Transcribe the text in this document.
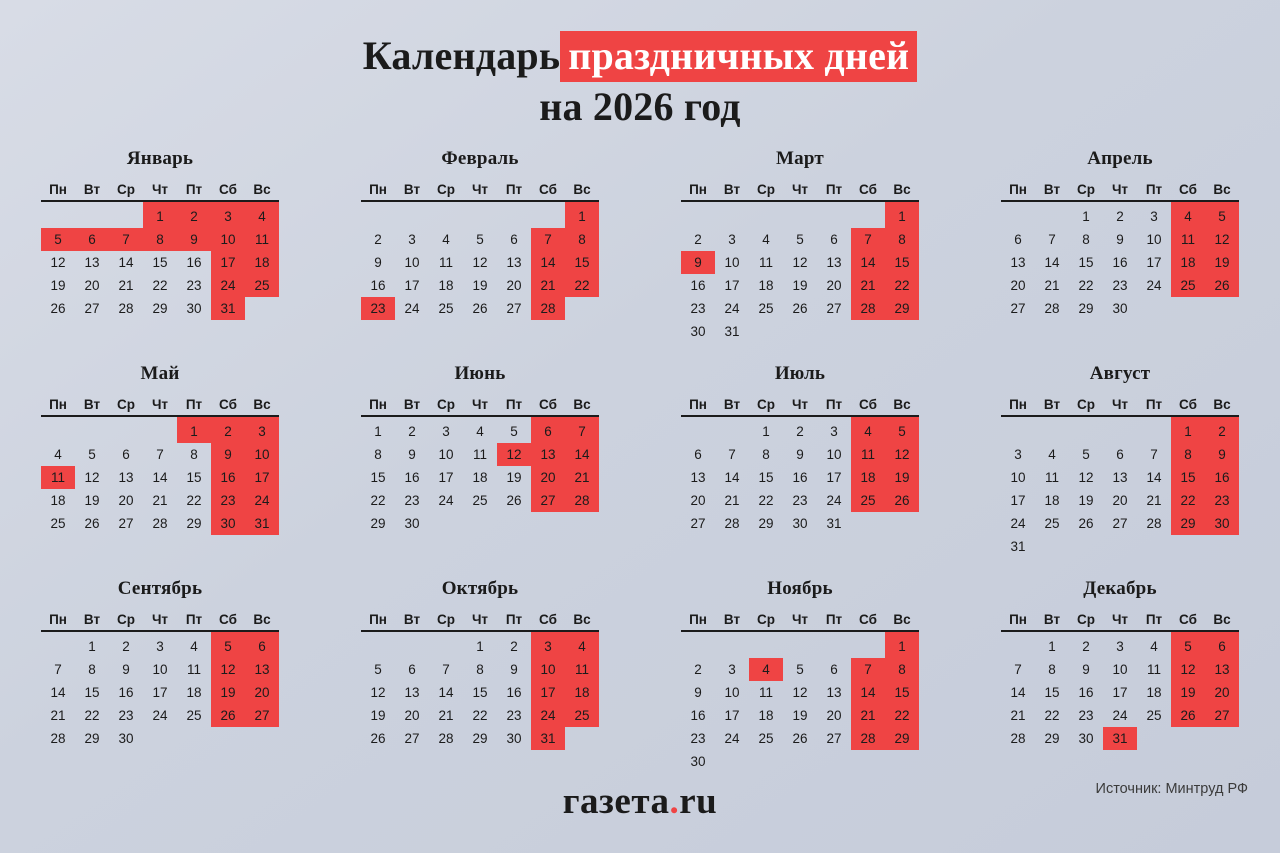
Календарь праздничных дней
на 2026 год
Январь
Пн	Вт	Ср	Чт	Пт	Сб	Вс
			1	2	3	4
5	6	7	8	9	10	11
12	13	14	15	16	17	18
19	20	21	22	23	24	25
26	27	28	29	30	31	
Февраль
Пн	Вт	Ср	Чт	Пт	Сб	Вс
						1
2	3	4	5	6	7	8
9	10	11	12	13	14	15
16	17	18	19	20	21	22
23	24	25	26	27	28	
Март
Пн	Вт	Ср	Чт	Пт	Сб	Вс
						1
2	3	4	5	6	7	8
9	10	11	12	13	14	15
16	17	18	19	20	21	22
23	24	25	26	27	28	29
30	31					
Апрель
Пн	Вт	Ср	Чт	Пт	Сб	Вс
		1	2	3	4	5
6	7	8	9	10	11	12
13	14	15	16	17	18	19
20	21	22	23	24	25	26
27	28	29	30			
Май
Пн	Вт	Ср	Чт	Пт	Сб	Вс
				1	2	3
4	5	6	7	8	9	10
11	12	13	14	15	16	17
18	19	20	21	22	23	24
25	26	27	28	29	30	31
Июнь
Пн	Вт	Ср	Чт	Пт	Сб	Вс
1	2	3	4	5	6	7
8	9	10	11	12	13	14
15	16	17	18	19	20	21
22	23	24	25	26	27	28
29	30					
Июль
Пн	Вт	Ср	Чт	Пт	Сб	Вс
		1	2	3	4	5
6	7	8	9	10	11	12
13	14	15	16	17	18	19
20	21	22	23	24	25	26
27	28	29	30	31		
Август
Пн	Вт	Ср	Чт	Пт	Сб	Вс
					1	2
3	4	5	6	7	8	9
10	11	12	13	14	15	16
17	18	19	20	21	22	23
24	25	26	27	28	29	30
31						
Сентябрь
Пн	Вт	Ср	Чт	Пт	Сб	Вс
	1	2	3	4	5	6
7	8	9	10	11	12	13
14	15	16	17	18	19	20
21	22	23	24	25	26	27
28	29	30				
Октябрь
Пн	Вт	Ср	Чт	Пт	Сб	Вс
			1	2	3	4
5	6	7	8	9	10	11
12	13	14	15	16	17	18
19	20	21	22	23	24	25
26	27	28	29	30	31	
Ноябрь
Пн	Вт	Ср	Чт	Пт	Сб	Вс
						1
2	3	4	5	6	7	8
9	10	11	12	13	14	15
16	17	18	19	20	21	22
23	24	25	26	27	28	29
30						
Декабрь
Пн	Вт	Ср	Чт	Пт	Сб	Вс
	1	2	3	4	5	6
7	8	9	10	11	12	13
14	15	16	17	18	19	20
21	22	23	24	25	26	27
28	29	30	31			
Источник: Минтруд РФ
газета.ru
